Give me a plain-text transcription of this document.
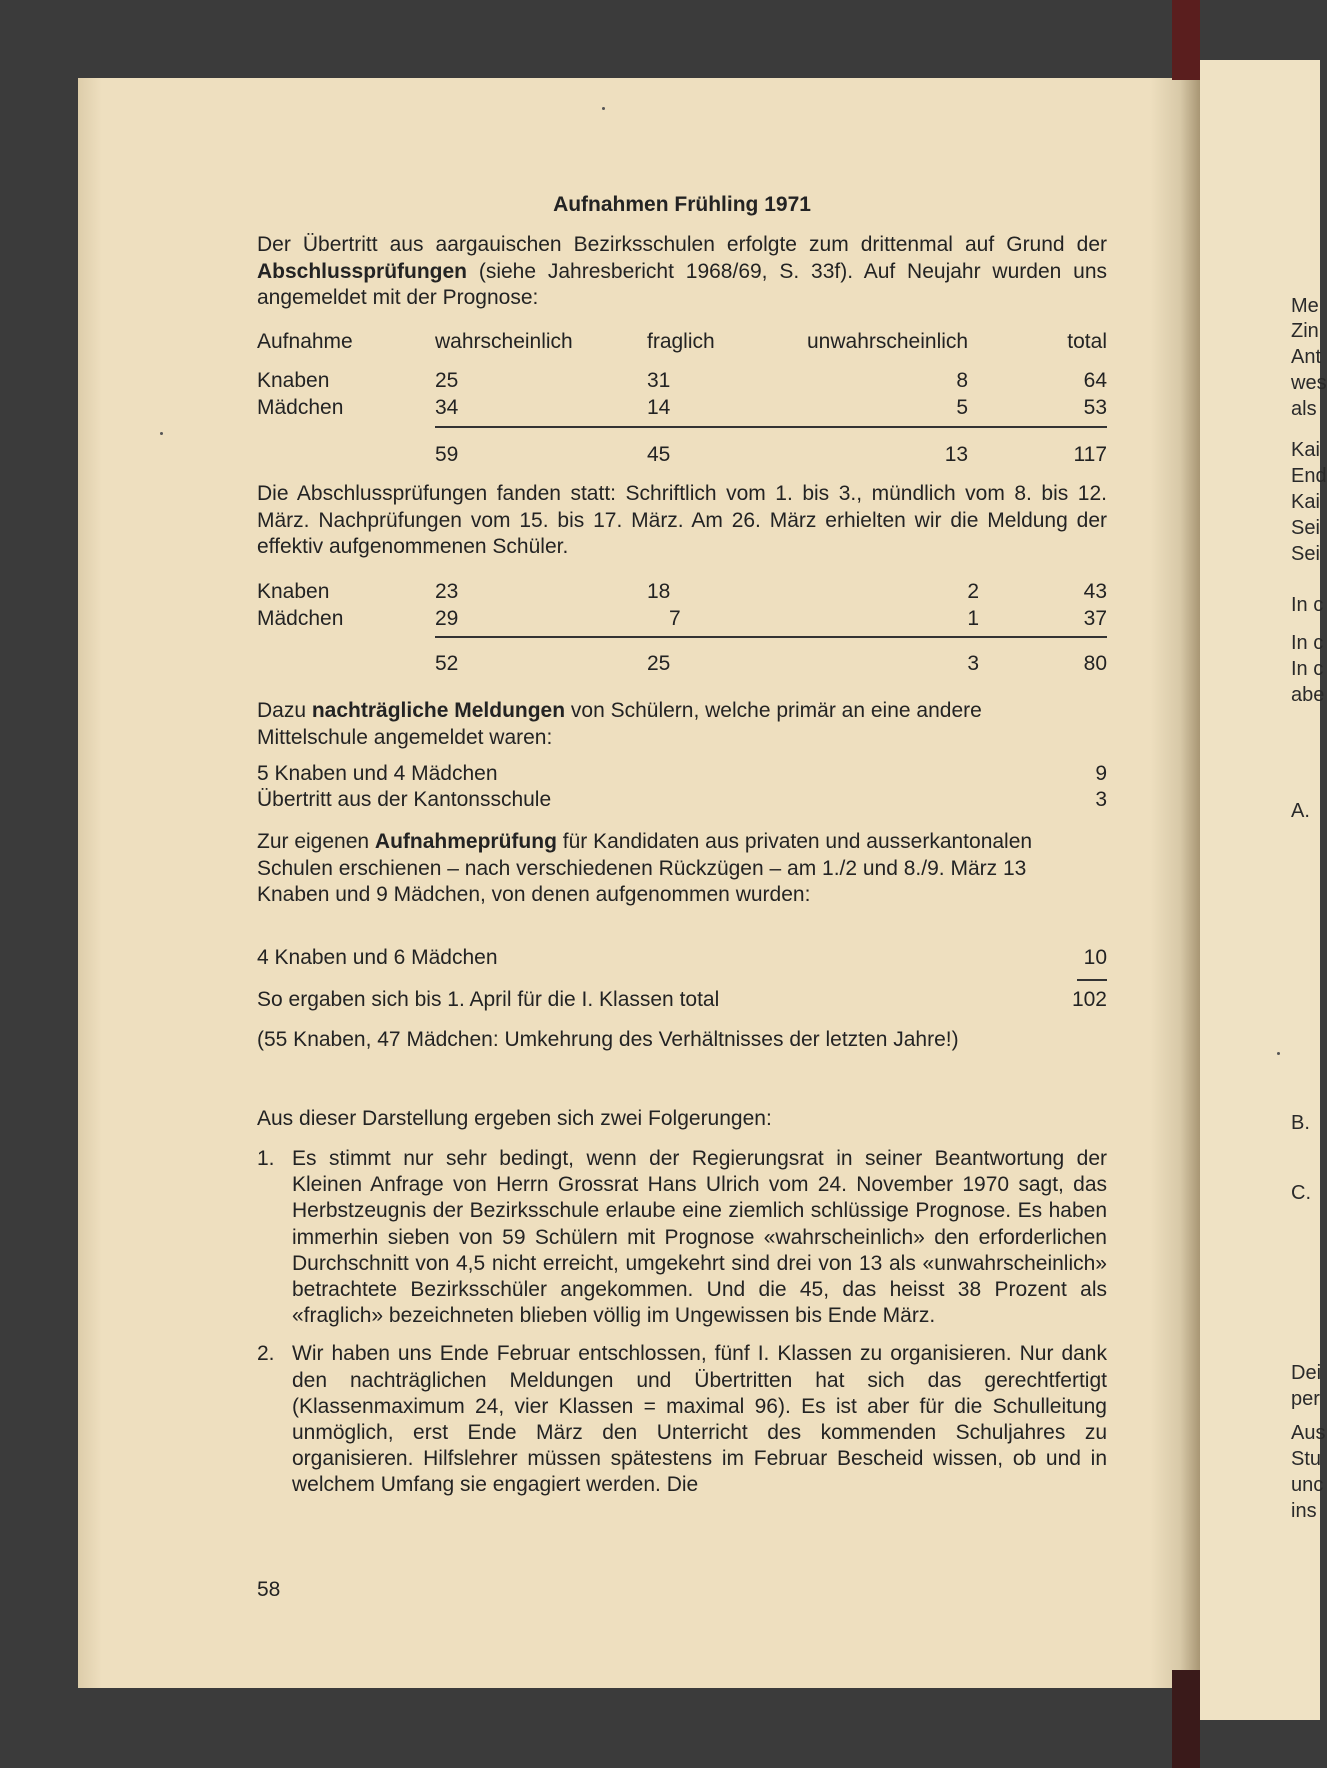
Aufnahmen Frühling 1971
Der Übertritt aus aargauischen Bezirksschulen erfolgte zum drittenmal auf Grund der Abschlussprüfungen (siehe Jahresbericht 1968/69, S. 33f). Auf Neujahr wurden uns angemeldet mit der Prognose:
Aufnahme	wahrscheinlich	fraglich	unwahrscheinlich	total

Knaben	25	31	8	64
Mädchen	34	14	5	53

	59	45	13	117
Die Abschlussprüfungen fanden statt: Schriftlich vom 1. bis 3., mündlich vom 8. bis 12. März. Nachprüfungen vom 15. bis 17. März. Am 26. März erhielten wir die Meldung der effektiv aufgenommenen Schüler.
Knaben	23	18	2	43
Mädchen	29	7	1	37

	52	25	3	80
Dazu nachträgliche Meldungen von Schülern, welche primär an eine andere Mittelschule angemeldet waren:
5 Knaben und 4 Mädchen	9
Übertritt aus der Kantonsschule	3
Zur eigenen Aufnahmeprüfung für Kandidaten aus privaten und ausserkantonalen Schulen erschienen – nach verschiedenen Rückzügen – am 1./2 und 8./9. März 13 Knaben und 9 Mädchen, von denen aufgenommen wurden:
4 Knaben und 6 Mädchen	10
So ergaben sich bis 1. April für die I. Klassen total	102
(55 Knaben, 47 Mädchen: Umkehrung des Verhältnisses der letzten Jahre!)
Aus dieser Darstellung ergeben sich zwei Folgerungen:
1. Es stimmt nur sehr bedingt, wenn der Regierungsrat in seiner Beantwortung der Kleinen Anfrage von Herrn Grossrat Hans Ulrich vom 24. November 1970 sagt, das Herbstzeugnis der Bezirksschule erlaube eine ziemlich schlüssige Prognose. Es haben immerhin sieben von 59 Schülern mit Prognose «wahrscheinlich» den erforderlichen Durchschnitt von 4,5 nicht erreicht, umgekehrt sind drei von 13 als «unwahrscheinlich» betrachtete Bezirksschüler angekommen. Und die 45, das heisst 38 Prozent als «fraglich» bezeichneten blieben völlig im Ungewissen bis Ende März.
2. Wir haben uns Ende Februar entschlossen, fünf I. Klassen zu organisieren. Nur dank den nachträglichen Meldungen und Übertritten hat sich das gerechtfertigt (Klassenmaximum 24, vier Klassen = maximal 96). Es ist aber für die Schulleitung unmöglich, erst Ende März den Unterricht des kommenden Schuljahres zu organisieren. Hilfslehrer müssen spätestens im Februar Bescheid wissen, ob und in welchem Umfang sie engagiert werden. Die
58
Me
Zin
Ant
wes
als
Kai
End
Kai
Sei
Sei
In c
In c
In c
abe
A.
B.
C.
Dei
per
Aus
Stu
unc
ins
